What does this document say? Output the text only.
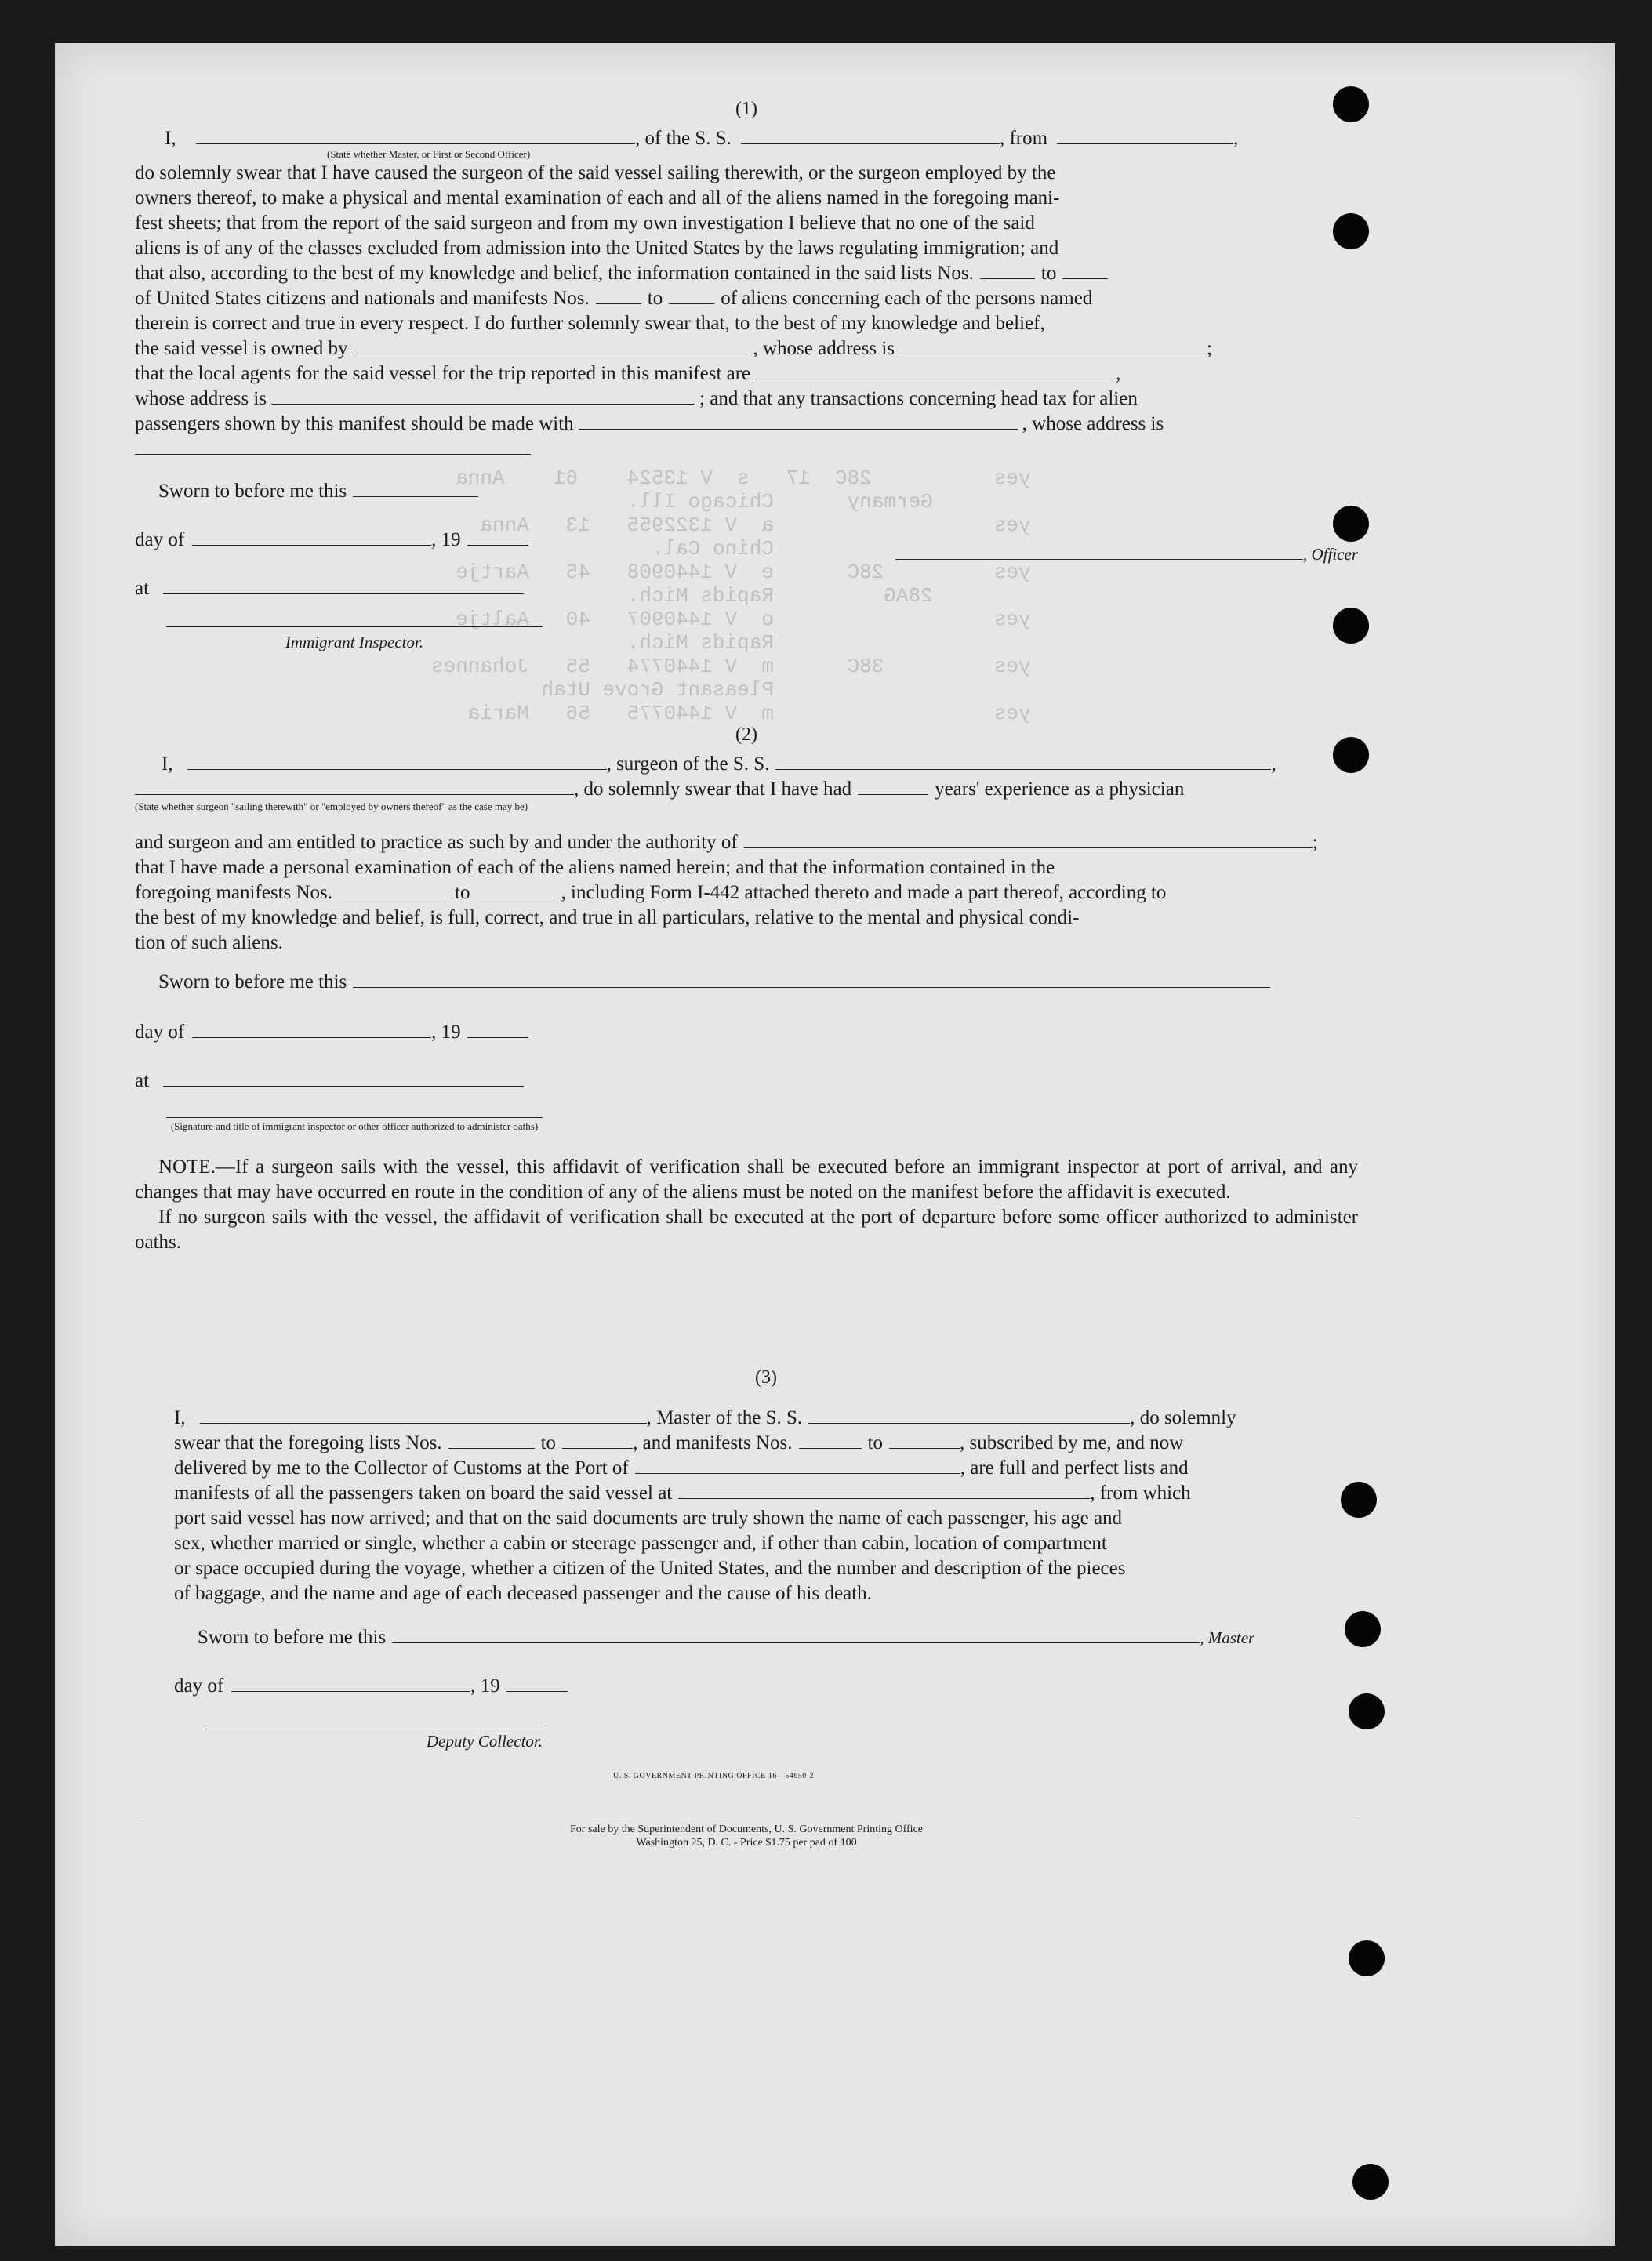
yes          28C  17   s  V 13524    61    Anna
Germany      Chicago Ill.
yes                  a  V 1322955   13   Anna
Chino Cal.
yes         28C      e  V 1440908   45   Aartje
28AG         Rapids Mich.
yes                  o  V 1440907   40   Aaltje
Rapids Mich.
yes         38C      m  V 1440774   55   Johannes
Pleasant Grove Utah
yes                  m  V 1440775   56   Maria
(1)
I,	, of the S. S.	, from	,
(State whether Master, or First or Second Officer)
do solemnly swear that I have caused the surgeon of the said vessel sailing therewith, or the surgeon employed by the
owners thereof, to make a physical and mental examination of each and all of the aliens named in the foregoing mani-
fest sheets; that from the report of the said surgeon and from my own investigation I believe that no one of the said
aliens is of any of the classes excluded from admission into the United States by the laws regulating immigration; and
that also, according to the best of my knowledge and belief, the information contained in the said lists Nos.	to
of United States citizens and nationals and manifests Nos.	to	of aliens concerning each of the persons named
therein is correct and true in every respect. I do further solemnly swear that, to the best of my knowledge and belief,
the said vessel is owned by	, whose address is	;
that the local agents for the said vessel for the trip reported in this manifest are	,
whose address is	; and that any transactions concerning head tax for alien
passengers shown by this manifest should be made with	, whose address is
Sworn to before me this
day of	, 19
, Officer
at
Immigrant Inspector.
(2)
I,	, surgeon of the S. S.	,
, do solemnly swear that I have had	years' experience as a physician
(State whether surgeon "sailing therewith" or "employed by owners thereof" as the case may be)
and surgeon and am entitled to practice as such by and under the authority of	;
that I have made a personal examination of each of the aliens named herein; and that the information contained in the
foregoing manifests Nos.	to	, including Form I-442 attached thereto and made a part thereof, according to
the best of my knowledge and belief, is full, correct, and true in all particulars, relative to the mental and physical condi-
tion of such aliens.
Sworn to before me this
day of	, 19
at
(Signature and title of immigrant inspector or other officer authorized to administer oaths)

NOTE.—If a surgeon sails with the vessel, this affidavit of verification shall be executed before an immigrant inspector at port of arrival, and any changes that may have occurred en route in the condition of any of the aliens must be noted on the manifest before the affidavit is executed.

If no surgeon sails with the vessel, the affidavit of verification shall be executed at the port of departure before some officer authorized to administer oaths.

(3)
I,	, Master of the S. S.	, do solemnly
swear that the foregoing lists Nos.	to	, and manifests Nos.	to	, subscribed by me, and now
delivered by me to the Collector of Customs at the Port of	, are full and perfect lists and
manifests of all the passengers taken on board the said vessel at	, from which
port said vessel has now arrived; and that on the said documents are truly shown the name of each passenger, his age and
sex, whether married or single, whether a cabin or steerage passenger and, if other than cabin, location of compartment
or space occupied during the voyage, whether a citizen of the United States, and the number and description of the pieces
of baggage, and the name and age of each deceased passenger and the cause of his death.
Sworn to before me this	, Master
day of	, 19
Deputy Collector.
U. S. GOVERNMENT PRINTING OFFICE 16—54650-2
For sale by the Superintendent of Documents, U. S. Government Printing Office
Washington 25, D. C. - Price $1.75 per pad of 100
